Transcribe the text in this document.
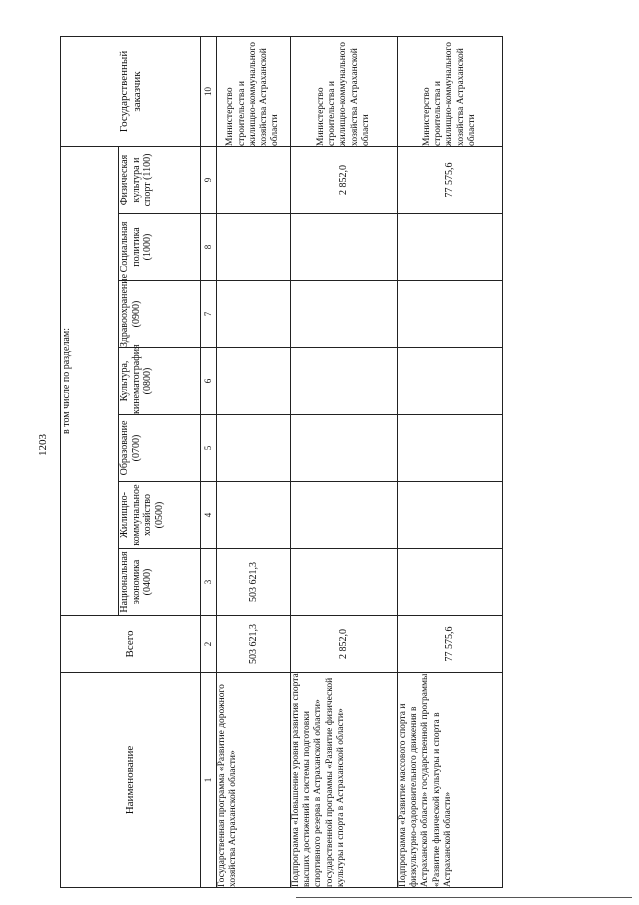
1203
Наименование	Всего	в том числе по разделам:							Государственный заказчик
		Национальная экономика (0400)	Жилищно-коммунальное хозяйство (0500)	Образование (0700)	Культура, кинематография (0800)	Здравоохранение (0900)	Социальная политика (1000)	Физическая культура и спорт (1100)	
1	2	3	4	5	6	7	8	9	10
Государственная программа «Развитие дорожного хозяйства Астраханской области»	503 621,3	503 621,3							Министерство строительства и жилищно-коммунального хозяйства Астраханской области
Подпрограмма «Повышение уровня развития спорта высших достижений и системы подготовки спортивного резерва в Астраханской области» государственной программы «Развитие физической культуры и спорта в Астраханской области»	2 852,0							2 852,0	Министерство строительства и жилищно-коммунального хозяйства Астраханской области
Подпрограмма «Развитие массового спорта и физкультурно-оздоровительного движения в Астраханской области» государственной программы «Развитие физической культуры и спорта в Астраханской области»	77 575,6							77 575,6	Министерство строительства и жилищно-коммунального хозяйства Астраханской области
